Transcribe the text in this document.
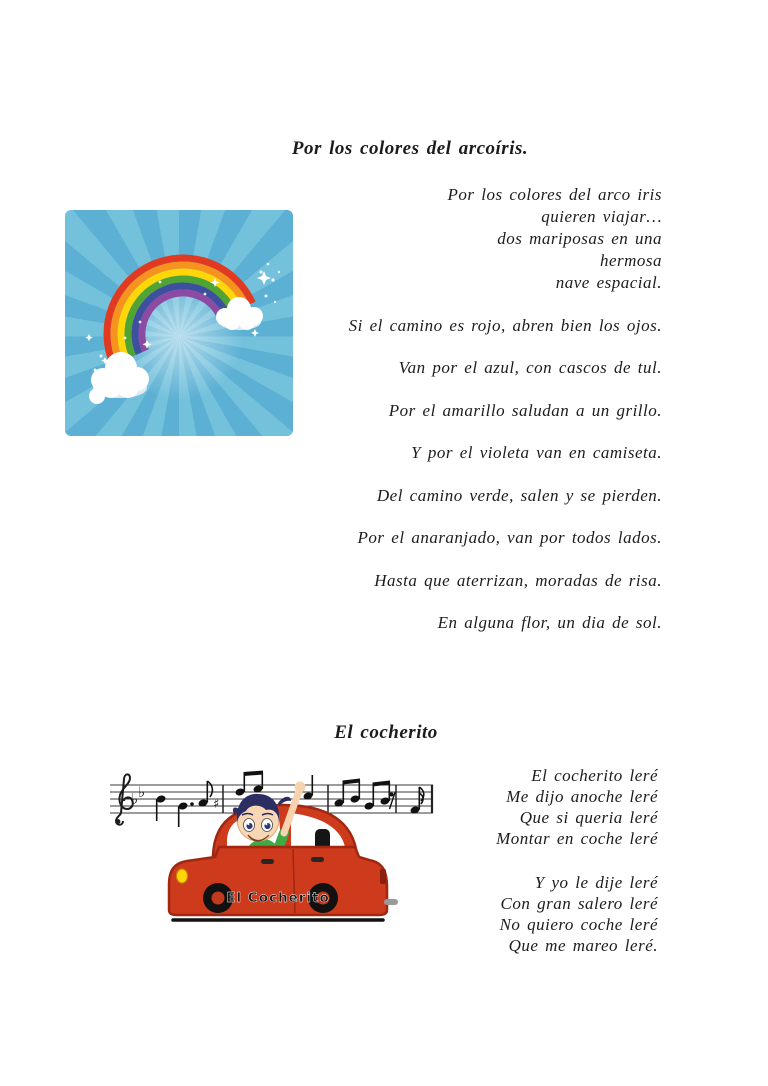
Por los colores del arcoíris.
Por los colores del arco iris
quieren viajar…
dos mariposas en una
hermosa
nave espacial.
Si el camino es rojo, abren bien los ojos.
Van por el azul, con cascos de tul.
Por el amarillo saludan a un grillo.
Y por el violeta van en camiseta.
Del camino verde, salen y se pierden.
Por el anaranjado, van por todos lados.
Hasta que aterrizan, moradas de risa.
En alguna flor, un dia de sol.
El cocherito
♭ ♭
♯
El Cocherito
El cocherito leré
Me dijo anoche leré
Que si queria leré
Montar en coche leré
Y yo le dije leré
Con gran salero leré
No quiero coche leré
Que me mareo leré.
